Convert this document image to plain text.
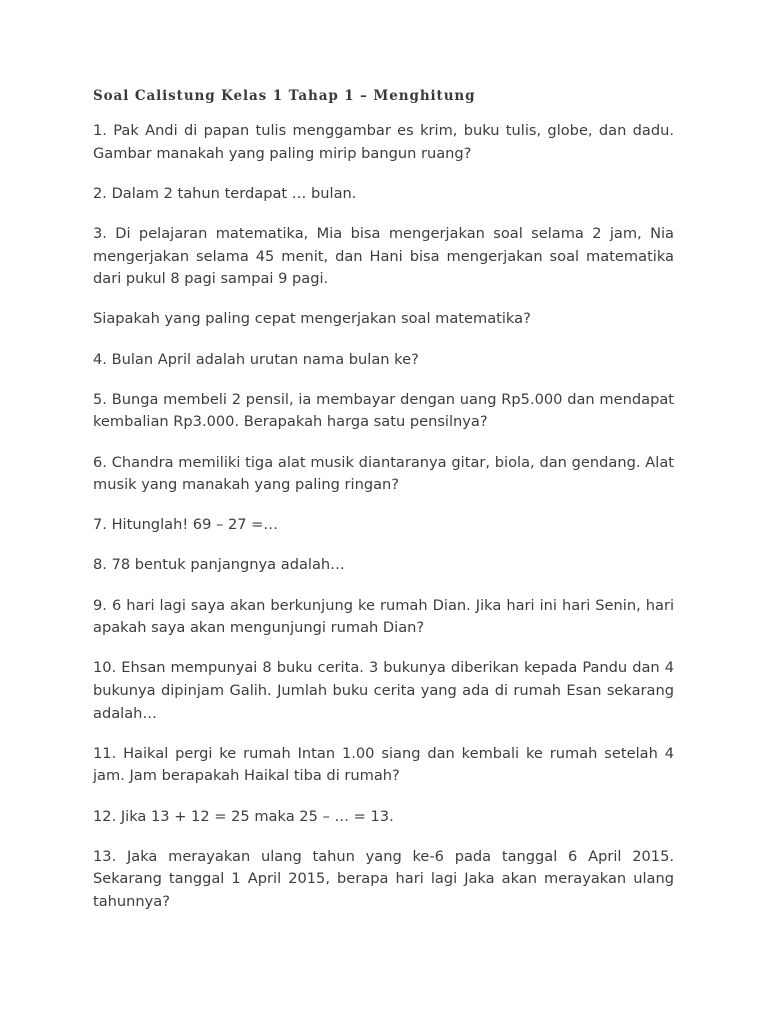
Soal Calistung Kelas 1 Tahap 1 – Menghitung

1. Pak Andi di papan tulis menggambar es krim, buku tulis, globe, dan dadu. Gambar manakah yang paling mirip bangun ruang?

2. Dalam 2 tahun terdapat … bulan.

3. Di pelajaran matematika, Mia bisa mengerjakan soal selama 2 jam, Nia mengerjakan selama 45 menit, dan Hani bisa mengerjakan soal matematika dari pukul 8 pagi sampai 9 pagi.

Siapakah yang paling cepat mengerjakan soal matematika?

4. Bulan April adalah urutan nama bulan ke?

5. Bunga membeli 2 pensil, ia membayar dengan uang Rp5.000 dan mendapat kembalian Rp3.000. Berapakah harga satu pensilnya?

6. Chandra memiliki tiga alat musik diantaranya gitar, biola, dan gendang. Alat musik yang manakah yang paling ringan?

7. Hitunglah! 69 – 27 =…

8. 78 bentuk panjangnya adalah…

9. 6 hari lagi saya akan berkunjung ke rumah Dian. Jika hari ini hari Senin, hari apakah saya akan mengunjungi rumah Dian?

10. Ehsan mempunyai 8 buku cerita. 3 bukunya diberikan kepada Pandu dan 4 bukunya dipinjam Galih. Jumlah buku cerita yang ada di rumah Esan sekarang adalah…

11. Haikal pergi ke rumah Intan 1.00 siang dan kembali ke rumah setelah 4 jam. Jam berapakah Haikal tiba di rumah?

12. Jika 13 + 12 = 25 maka 25 – … = 13.

13. Jaka merayakan ulang tahun yang ke-6 pada tanggal 6 April 2015. Sekarang tanggal 1 April 2015, berapa hari lagi Jaka akan merayakan ulang tahunnya?
